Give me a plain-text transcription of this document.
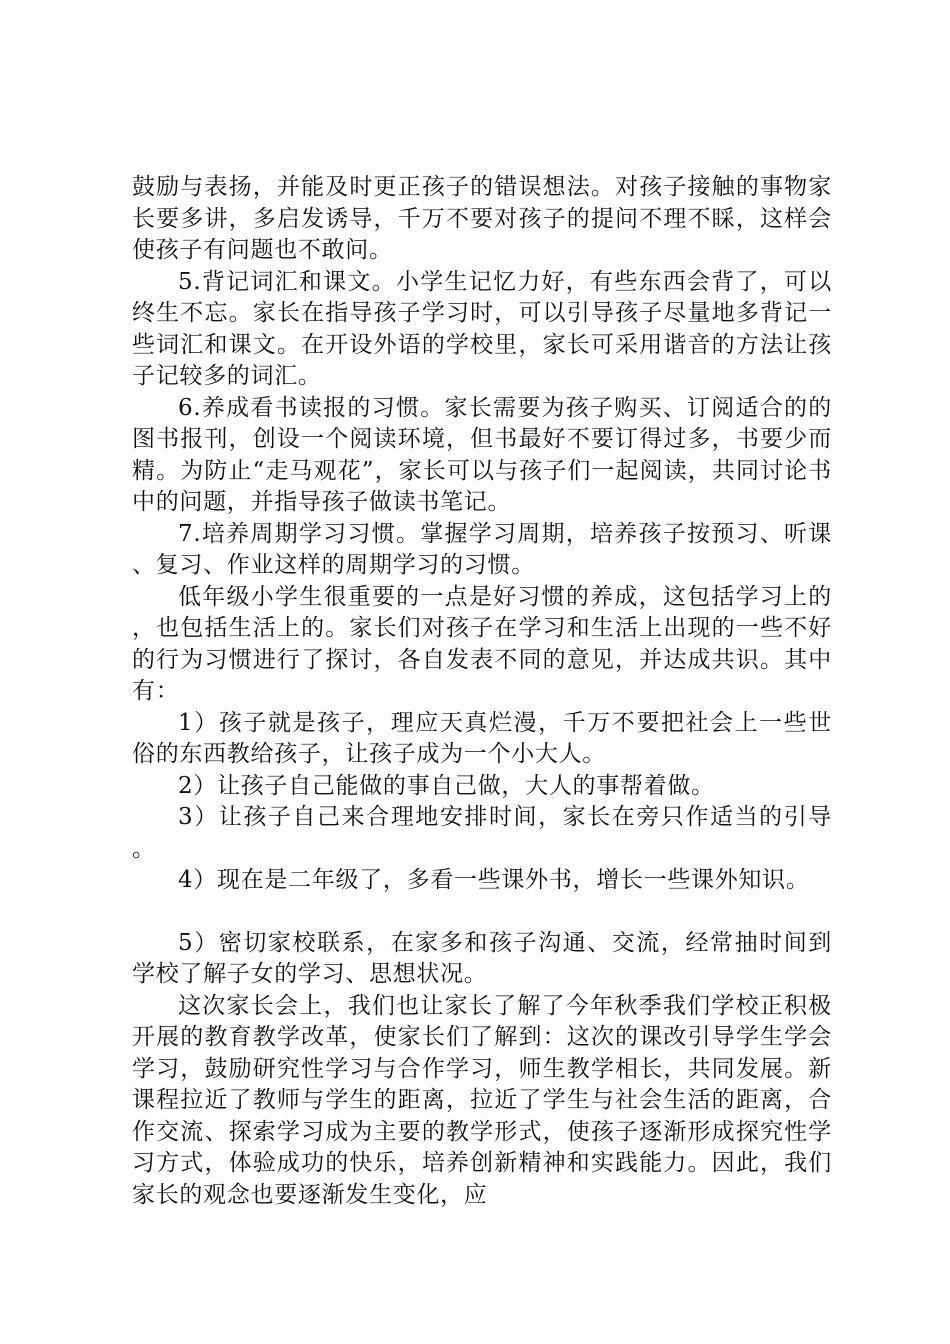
鼓励与表扬，并能及时更正孩子的错误想法。对孩子接触的事物家长要多讲，多启发诱导，千万不要对孩子的提问不理不睬，这样会使孩子有问题也不敢问。

5.背记词汇和课文。小学生记忆力好，有些东西会背了，可以终生不忘。家长在指导孩子学习时，可以引导孩子尽量地多背记一些词汇和课文。在开设外语的学校里，家长可采用谐音的方法让孩子记较多的词汇。

6.养成看书读报的习惯。家长需要为孩子购买、订阅适合的的图书报刊，创设一个阅读环境，但书最好不要订得过多，书要少而精。为防止“走马观花”，家长可以与孩子们一起阅读，共同讨论书中的问题，并指导孩子做读书笔记。

7.培养周期学习习惯。掌握学习周期，培养孩子按预习、听课、复习、作业这样的周期学习的习惯。

低年级小学生很重要的一点是好习惯的养成，这包括学习上的，也包括生活上的。家长们对孩子在学习和生活上出现的一些不好的行为习惯进行了探讨，各自发表不同的意见，并达成共识。其中有：

1）孩子就是孩子，理应天真烂漫，千万不要把社会上一些世俗的东西教给孩子，让孩子成为一个小大人。

2）让孩子自己能做的事自己做，大人的事帮着做。

3）让孩子自己来合理地安排时间，家长在旁只作适当的引导。

4）现在是二年级了，多看一些课外书，增长一些课外知识。

5）密切家校联系，在家多和孩子沟通、交流，经常抽时间到学校了解子女的学习、思想状况。

这次家长会上，我们也让家长了解了今年秋季我们学校正积极开展的教育教学改革，使家长们了解到：这次的课改引导学生学会学习，鼓励研究性学习与合作学习，师生教学相长，共同发展。新课程拉近了教师与学生的距离，拉近了学生与社会生活的距离，合作交流、探索学习成为主要的教学形式，使孩子逐渐形成探究性学习方式，体验成功的快乐，培养创新精神和实践能力。因此，我们家长的观念也要逐渐发生变化，应
